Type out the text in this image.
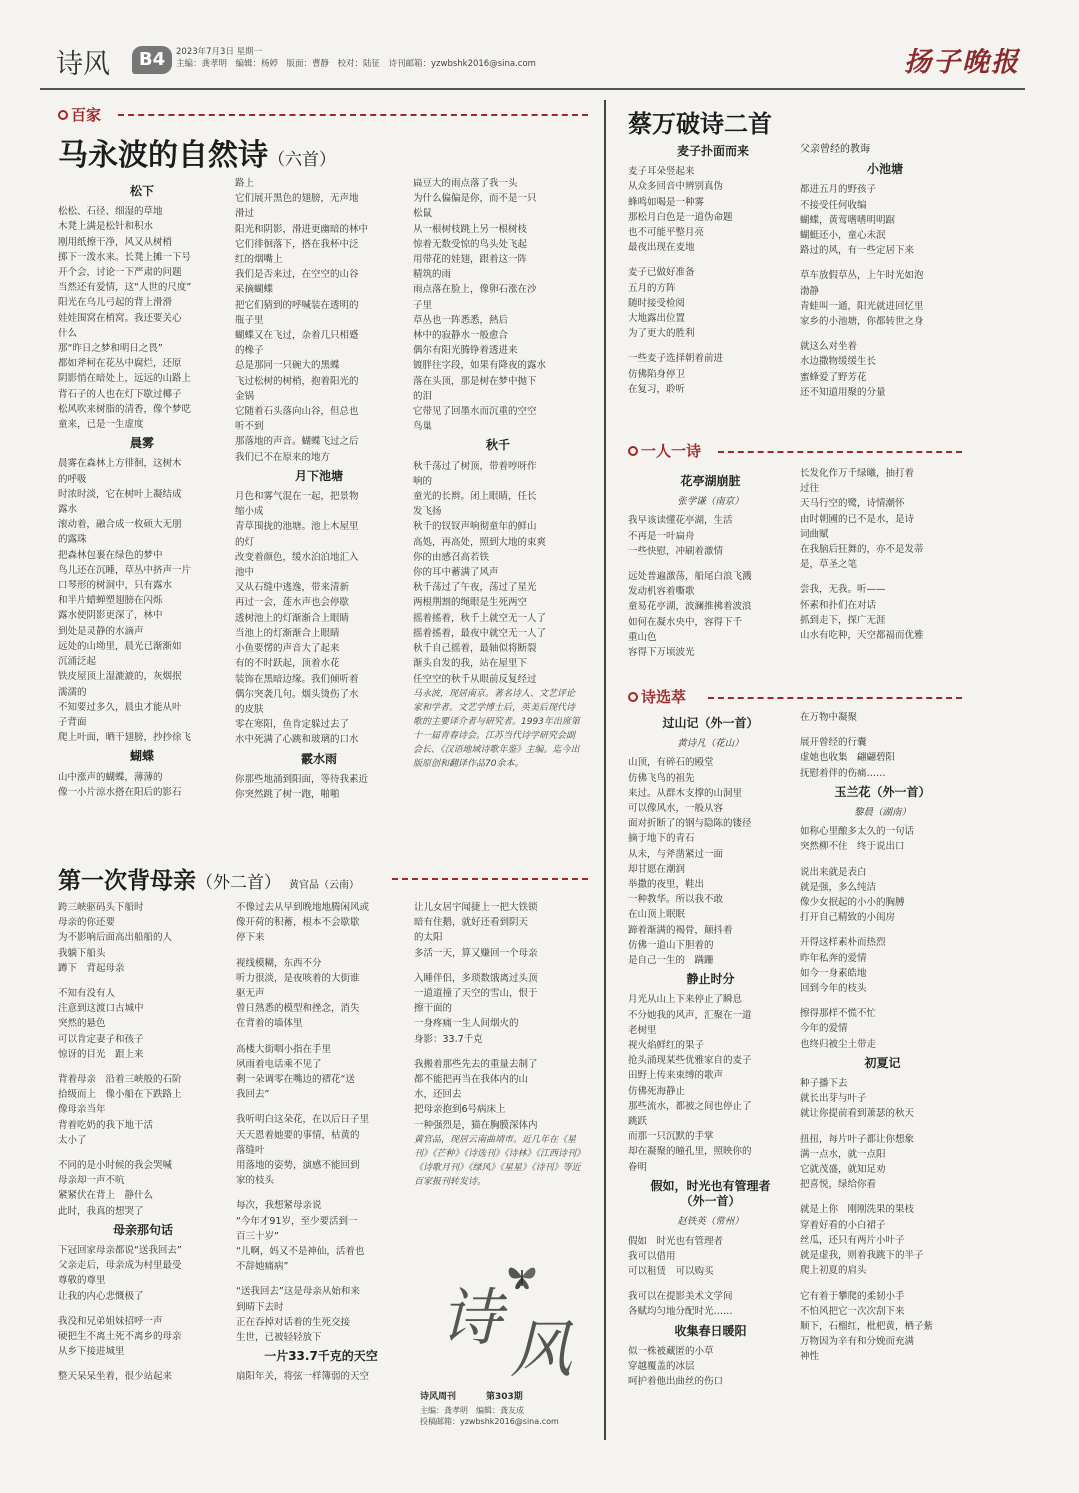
诗风	B4	2023年7月3日 星期一
主编：龚孝明　编辑：杨婷　版面：曹静　校对：陆征　诗刊邮箱：yzwbshk2016@sina.com	扬子晚报
百家
马永波的自然诗（六首）
松下
松松、石径、细湿的草地
木凳上满是松针和积水
刚用纸擦干净，风又从树梢
掷下一泼水来。长凳上摊一下号
开个会，讨论一下严肃的问题
当然还有爱情，这“人世的尺度”
阳光在乌儿弓起的背上滑滑
娃娃围窝在梢窝。我还要关心
什么
那“昨日之梦和明日之畏”
都如斧柯在花丛中腐烂，还原
阴影悄在暗处上，远远的山路上
背石子的人也在灯下歇过椰子
松风吹来树脂的清香，像个梦呓
童来，已是一生虚度
晨雾
晨雾在森林上方徘徊，这树木
的呼吸
时浓时淡，它在树叶上凝结成
露水
滚动着，融合成一枚硕大无朋
的露珠
把森林包裹在绿色的梦中
鸟儿还在沉睡，草丛中挤声一片
口琴形的树洞中，只有露水
和半片蜡蝉塑翅膀在闪烁
露水使阴影更深了，林中
到处是灵静的水滴声
远处的山坳里，晨光已渐渐如
沉涌泛起
铁皮屋顶上湿漉漉的，灰烟抿
濡濡的
不知要过多久，晨虫才能从叶
子背面
爬上叶面，晒干翅膀，抄抄徐飞
蝴蝶
山中涨声的蝴蝶，薄薄的
像一小片涼水搭在阳后的影石
路上
它们展开黑色的翅膀，无声地
滑过
阳光和阴影，滑进更幽暗的林中
它们徘徊落下，搭在我杯中泛
红的烟嘴上
我们是否来过，在空空的山谷
采摘蝴蝶
把它们猜到的呼喊装在透明的
瓶子里
蝴蝶又在飞过，杂着几只相蹙
的橡子
总是那同一只碗大的黑蝶
飞过松树的树梢，抱着阳光的
金锅
它随着石头落向山谷，但总也
听不到
那落地的声音。蝴蝶飞过之后
我们已不在原来的地方
月下池塘
月色和雾气混在一起，把景物
缩小成
青草围拢的池塘。池上木屋里
的灯
改变着颜色，缓水泊泊地汇入
池中
又从石缝中逃逸，带来清新
再过一会，莲水声也会停歇
透树池上的灯渐渐合上眼睛
当池上的灯渐渐合上眼睛
小鱼要愣的声音大了起来
有的不时跃起，顶着水花
装饰在黑暗边缘。我们倾听着
偶尔突袭几句。烟头烫伤了水
的皮肤
零在寒阳，鱼肯定躲过去了
水中死满了心跳和玻璃的口水
霰水雨
你那些地涌到阳面，等待我素近
你突然跳了树一跑，啪啪
扁豆大的雨点落了我一头
为什么偏偏是你，而不是一只
松鼠
从一根树枝跳上另一根树枝
惊着无数受惊的鸟头处飞起
用带花的娃翅，跟着这一阵
精筑的雨
雨点落在脸上，像卵石涨在沙
子里
草丛也一阵悉悉，熱后
林中的寂静水一般愈合
偶尔有阳光腾铮着透进来
镀胖往字段，如果有降夜的露水
落在头顶，那是树在梦中抛下
的泪
它带见了回墨水而沉重的空空
鸟巢
秋千
秋千荡过了树顶，带着哼呀作
响的
童光的长辫。闭上眼睛，任长
发飞扬
秋千的钗钗声响彻童年的鲜山
高処，再高处，照到大地的束爽
你的由感召高若铁
你的耳中蓄满了风声
秋千荡过了午夜，荡过了星光
两根荆割的绳眼是生死两空
摇着搖着，秋千上就空无一人了
摇着搖着，最夜中就空无一人了
秋千自己摇着，最轴似将断裂
渐头自发的我，站在屋里下
任空空的秋千从眼前反复经过
马永波，现居南京。著名诗人、文艺评论家和学者。文艺学博士后，英美后现代诗歌的主要译介者与研究者。1993年出席第十一届青春诗会。江苏当代诗学研究会副会长、《汉语地域诗歌年鉴》主编。迄今出版原创和翻译作品70余本。
第一次背母亲（外二首） 黄官品（云南）
跨三峡驱码头下船时
母亲的你还要
为不影响后面高出船船的人
我躺下船头
蹲下　背起母亲
不知有没有人
注意到这渡口古城中
突然的悬色
可以肯定妻子和孩子
惊讶的目光　跟上来
背着母亲　沿着三峡般的石阶
拾级而上　像小船在下跌路上
像母亲当年
背着吃奶的我下地干活
太小了
不同的是小时候的我会哭喊
母亲却一声不吭
紧紧伏在背上　静什么
此时，我真的想哭了
母亲那句话
下冠回家母亲都说“送我回去”
父亲走后，母亲成为村里最受
尊敬的尊里
让我的内心悲慨极了
我没和兄弟姐妹招呼一声
硬把生不离土死不离乡的母亲
从乡下接进城里
整天呆呆坐着，很少站起来
不像过去从早到晚地地腾闲风或
像开荷的积蓄，根本不会歇歇
停下来
视线模糊，东西不分
听力很淡，是夜咳着的大街谁
驱无声
曾日熟悉的模型和挫念，消失
在背着的墙体里
高楼大街咽小指在手里
夙雨着电话乘不见了
剩一朵调零在嘴边的褶花“送
我回去”
我听明白这朵花，在以后日子里
天天恩着她要的事情，枯黄的
落缝叶
用落地的姿势，演感不能回到
家的枝头
每次，我想紧母亲说
“今年才91岁，至少要活到一
百三十岁”
“儿啊，妈又不是神仙，活着也
不辞她痛病”
“送我回去”这是母亲从始和来
到晴下去时
正在吞掉对话着的生死交接
生世，已被轻轻放下
一片33.7千克的天空
扇阳年关，将弦一样簿弱的天空
让儿女居宇闻捷上一把大铁锁
暗有住鹅，就好还看到阴天
的太阳
多活一天，算又赚回一个母亲
入睡伴侣，多琐数饿离过头顶
一道道撞了天空的雪山，恨于
擦干面的
一身疼痛一生人间烟火的
身影：33.7千克
我搬着那些先去的重量去制了
都不能把再当在我体内的山
水，还回去
把母亲抱到6号病床上
一种强烈是，猫在胸膜深体内
黄官品，现居云南曲靖市。近几年在《星刊》《芒种》《诗选刊》《诗林》《江西诗刊》《诗歌月刊》《绿风》《星星》《诗刊》等近百家报刊转发诗。
诗 风
诗风周刊	第303期
主编：龚孝明　编辑：龚友成
投稿邮箱：yzwbshk2016@sina.com
蔡万破诗二首
麦子扑面而来
麦子耳朵竖起来
从众多回音中辨别真伪
蜂鸣如喝是一种雾
那松月白色是一道伪命题
也不可能平整月亮
最夜出现在麦地
麦子已做好准备
五月的方阵
随时接受检阅
大地露出位置
为了更大的胜利
一些麦子选择朝着前进
仿佛陷身停卫
在复习，聆听
父亲曾经的教诲
小池塘
都进五月的野孩子
不接受任何收编
蝴蝶，黄莺嗜嗜明明踞
蝴蜓还小，童心未泯
路过的风，有一些定居下来
草车放假草丛，上午时光如泡
渤静
青蛙叫一通，阳光就进回忆里
家乡的小池塘，你都转世之身
就这么对坐着
水边撒物缓缓生长
蜜蜂爱了野芳花
还不知道用聚的分量
一人一诗
花亭湖崩脏
张学谦（南京）
我早该读懂花亭湖，生活
不再是一叶扁舟
一些快慰，冲刷着激情
远处普遍激荡，船尾白浪飞溅
发动机容着嘶歌
童易花亭湖，波澜推拂着波浪
如何在凝水央中，容得下千
重山色
容得下万顷波光
长发化作万千绿曦，抽打着
过往
天马行空的鹭，诗情潮怀
由时朝圃的已不是水，是诗
词曲赋
在我脑后狂舞的，亦不是发蒂
是，草圣之笔
尝我，无我。听——
怀素和扑们在对话
抓到走下，探广无涯
山水有吃种，天空都福而优雅
诗选萃
过山记（外一首）
黄诗凡（花山）
山顶，有碎石的殿堂
仿佛飞鸟的祖先
来过。从群木支撑的山洞里
可以像风水，一般从容
面对折断了的钢与隐陈的镂径
摘于地下的青石
从未，与斧凿紧过一面
却甘愿在潮润
举撒的夜里，鞋出
一种教华。所以我不敢
在山顶上眠眠
蹄着渐满的褐骨，颠抖着
仿佛一道山下胆着的
是自己一生的　蹒跚
静止时分
月光从山上下来停止了瞬息
不分她我的风声，汇聚在一道
老树里
视火焰鲜红的果子
抢头涌现某些优雅家自的麦子
田野上传来束缚的歌声
仿佛死海静止
那些流水，都被之间也停止了
跳跃
而那一只沉默的手掌
却在凝聚的瞳孔里，照映你的
眷明
假如，时光也有管理者
（外一首）
赵铁英（常州）
假如　时光也有管理者
我可以借用
可以租赁　可以购买
我可以在提影美术文学间
各赋均匀地分配时光……
收集春日暖阳
似一株被藏匿的小草
穿越覆盖的冰层
呵护着他出曲丝的伤口
在万物中凝聚
展开曾经的行囊
虚她也收集　翩翩碧阳
抚慰着伴的伤痛……
玉兰花（外一首）
黎晨（湖南）
如称心里酿多太久的一句话
突然柳不住　终于说出口
说出来就是表白
就是强，多么纯洁
像少女抿起的小小的胸膊
打开自己精致的小闺房
开得这样素朴而热烈
昨年私奔的爱情
如今一身素皓地
回到今年的枝头
擦得那样不慌不忙
今年的爱情
也终归被尘土带走
初夏记
种子播下去
就长出芽与叶子
就让你提前看到萧瑟的秋天
扭扭，每片叶子都让你想象
满一点水，就一点阳
它就茂盛，就知足劝
把喜悦，绿给你看
就是上你　刚刚洗果的果枝
穿着好看的小白裙子
丝瓜，还只有两片小叶子
就是虚我，则着我跳下的半子
爬上初夏的肩头
它有着于攀爬的柔韧小手
不怕风把它一次次刮下来
顺下，石榴红，枇杷黄，栖子紫
万物因为辛有和分娩而充满
神性
